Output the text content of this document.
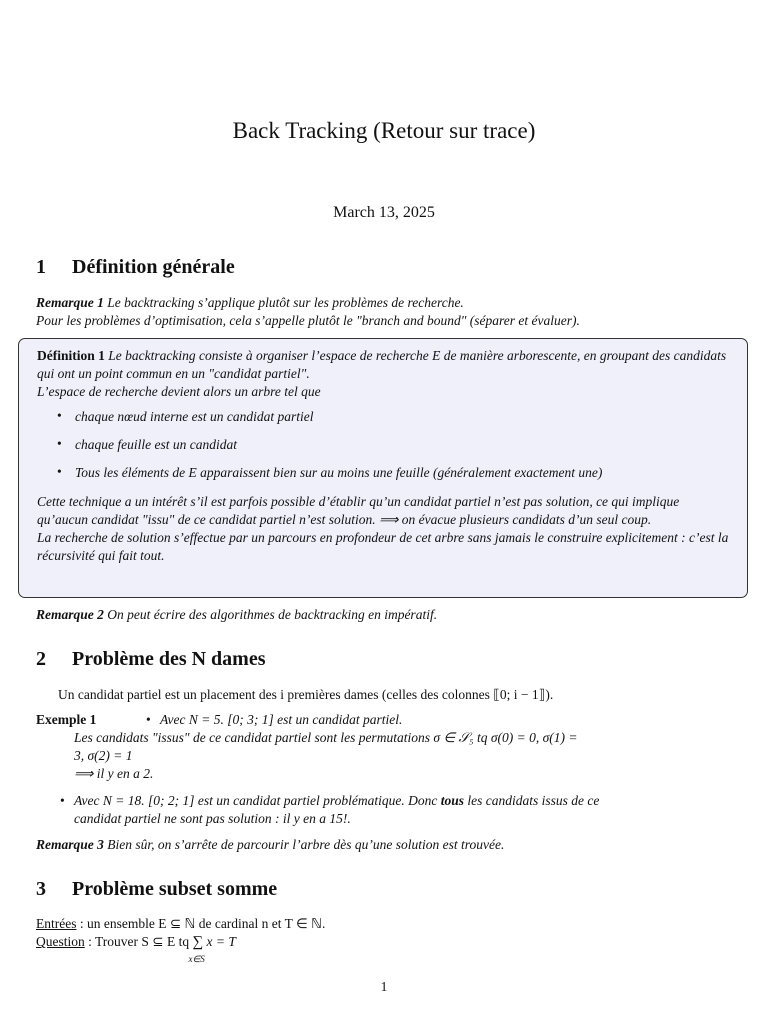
Back Tracking (Retour sur trace)
March 13, 2025
1 Définition générale
Remarque 1 Le backtracking s’applique plutôt sur les problèmes de recherche.
Pour les problèmes d’optimisation, cela s’appelle plutôt le "branch and bound" (séparer et évaluer).
Définition 1 Le backtracking consiste à organiser l’espace de recherche E de manière arborescente, en groupant des candidats qui ont un point commun en un "candidat partiel".
L’espace de recherche devient alors un arbre tel que
• chaque nœud interne est un candidat partiel
• chaque feuille est un candidat
• Tous les éléments de E apparaissent bien sur au moins une feuille (généralement exactement une)
Cette technique a un intérêt s’il est parfois possible d’établir qu’un candidat partiel n’est pas solution, ce qui implique qu’aucun candidat "issu" de ce candidat partiel n’est solution. ⟹ on évacue plusieurs candidats d’un seul coup.
La recherche de solution s’effectue par un parcours en profondeur de cet arbre sans jamais le construire explicitement : c’est la récursivité qui fait tout.
Remarque 2 On peut écrire des algorithmes de backtracking en impératif.
2 Problème des N dames
Un candidat partiel est un placement des i premières dames (celles des colonnes ⟦0; i − 1⟧).
Exemple 1
•	Avec N = 5. [0; 3; 1] est un candidat partiel.
Les candidats "issus" de ce candidat partiel sont les permutations σ ∈ 𝒮₅ tq σ(0) = 0, σ(1) =
3, σ(2) = 1
⟹ il y en a 2.
• Avec N = 18. [0; 2; 1] est un candidat partiel problématique. Donc tous les candidats issus de ce
candidat partiel ne sont pas solution : il y en a 15!.
Remarque 3 Bien sûr, on s’arrête de parcourir l’arbre dès qu’une solution est trouvée.
3 Problème subset somme
Entrées : un ensemble E ⊆ ℕ de cardinal n et T ∈ ℕ.
Question : Trouver S ⊆ E tq ∑
x∈S
x = T
1
